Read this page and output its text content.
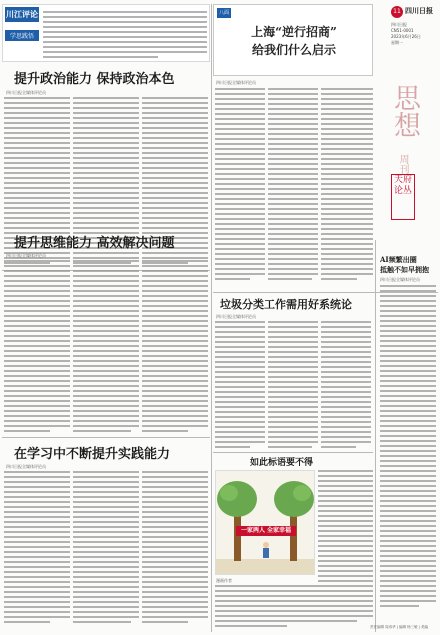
川江评论
学思践悟
提升政治能力 保持政治本色
四川日报全媒体评论员
提升思维能力 高效解决问题
四川日报全媒体评论员
在学习中不断提升实践能力
四川日报全媒体评论员
八面
上海“逆行招商”
给我们什么启示
四川日报全媒体评论员
11 四川日报
四川日报
CN51-0001
2023年6月26日
星期一
思想
周刊
天府
论丛
垃圾分类工作需用好系统论
四川日报全媒体评论员
AI频繁出圈
抵触不如早拥抱
四川日报全媒体评论员
如此标语要不得
一家两人 全家幸福
漫画作者
责任编辑 周寿华 | 编辑 杨三敏 | 美编
